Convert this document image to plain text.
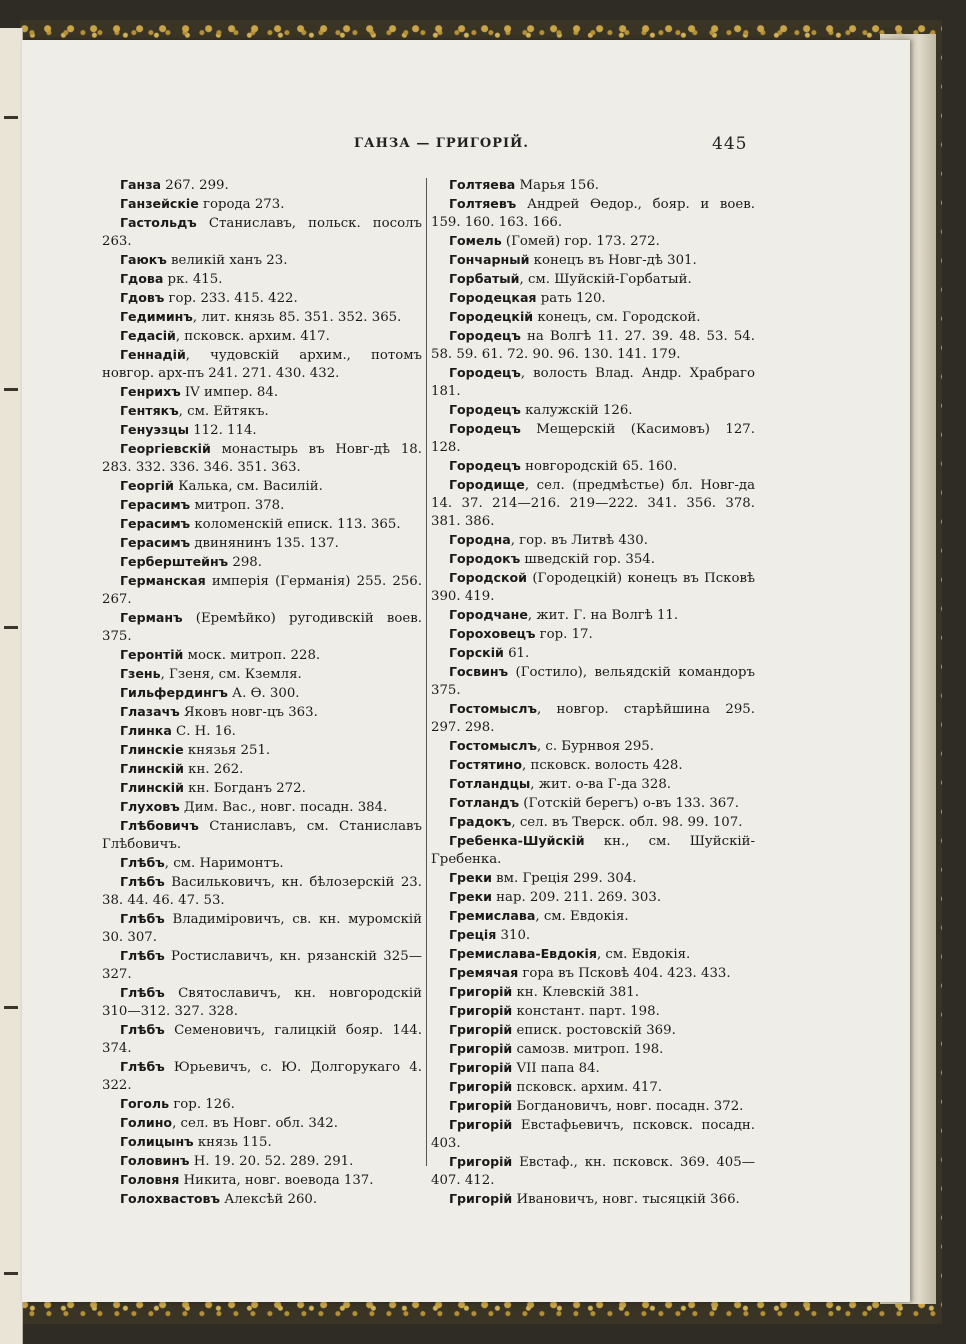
ГАНЗА — ГРИГОРІЙ.	445

Ганза 267. 299.

Ганзейскіе города 273.

Гастольдъ Станиславъ, польск. посолъ 263.

Гаюкъ великій ханъ 23.

Гдова рк. 415.

Гдовъ гор. 233. 415. 422.

Гедиминъ, лит. князь 85. 351. 352. 365.

Гедасій, псковск. архим. 417.

Геннадій, чудовскій архим., потомъ новгор. арх-пъ 241. 271. 430. 432.

Генрихъ IV импер. 84.

Гентякъ, см. Ейтякъ.

Генуэзцы 112. 114.

Георгіевскій монастырь въ Новг-дѣ 18. 283. 332. 336. 346. 351. 363.

Георгій Калька, см. Василій.

Герасимъ митроп. 378.

Герасимъ коломенскій еписк. 113. 365.

Герасимъ двинянинъ 135. 137.

Герберштейнъ 298.

Германская имперія (Германія) 255. 256. 267.

Германъ (Еремѣйко) ругодивскій воев. 375.

Геронтій моск. митроп. 228.

Гзень, Гзеня, см. Кземля.

Гильфердингъ А. Ѳ. 300.

Глазачъ Яковъ новг-цъ 363.

Глинка С. Н. 16.

Глинскіе князья 251.

Глинскій кн. 262.

Глинскій кн. Богданъ 272.

Глуховъ Дим. Вас., новг. посадн. 384.

Глѣбовичъ Станиславъ, см. Станиславъ Глѣбовичъ.

Глѣбъ, см. Наримонтъ.

Глѣбъ Васильковичъ, кн. бѣлозерскій 23. 38. 44. 46. 47. 53.

Глѣбъ Владиміровичъ, св. кн. муромскій 30. 307.

Глѣбъ Ростиславичъ, кн. рязанскій 325—327.

Глѣбъ Святославичъ, кн. новгородскій 310—312. 327. 328.

Глѣбъ Семеновичъ, галицкій бояр. 144. 374.

Глѣбъ Юрьевичъ, с. Ю. Долгорукаго 4. 322.

Гоголь гор. 126.

Голино, сел. въ Новг. обл. 342.

Голицынъ князь 115.

Головинъ Н. 19. 20. 52. 289. 291.

Головня Никита, новг. воевода 137.

Голохвастовъ Алексѣй 260.

Голтяева Марья 156.

Голтяевъ Андрей Ѳедор., бояр. и воев. 159. 160. 163. 166.

Гомель (Гомей) гор. 173. 272.

Гончарный конецъ въ Новг-дѣ 301.

Горбатый, см. Шуйскій-Горбатый.

Городецкая рать 120.

Городецкій конецъ, см. Городской.

Городецъ на Волгѣ 11. 27. 39. 48. 53. 54. 58. 59. 61. 72. 90. 96. 130. 141. 179.

Городецъ, волость Влад. Андр. Храбраго 181.

Городецъ калужскій 126.

Городецъ Мещерскій (Касимовъ) 127. 128.

Городецъ новгородскій 65. 160.

Городище, сел. (предмѣстье) бл. Новг-да 14. 37. 214—216. 219—222. 341. 356. 378. 381. 386.

Городна, гор. въ Литвѣ 430.

Городокъ шведскій гор. 354.

Городской (Городецкій) конецъ въ Псковѣ 390. 419.

Городчане, жит. Г. на Волгѣ 11.

Гороховецъ гор. 17.

Горскій 61.

Госвинъ (Гостило), вельядскій командоръ 375.

Гостомыслъ, новгор. старѣйшина 295. 297. 298.

Гостомыслъ, с. Бурнвоя 295.

Гостятино, псковск. волость 428.

Готландцы, жит. о-ва Г-да 328.

Готландъ (Готскій берегъ) о-въ 133. 367.

Градокъ, сел. въ Тверск. обл. 98. 99. 107.

Гребенка-Шуйскій кн., см. Шуйскій-Гребенка.

Греки вм. Грецiя 299. 304.

Греки нар. 209. 211. 269. 303.

Гремислава, см. Евдокія.

Грецiя 310.

Гремислава-Евдокія, см. Евдокія.

Гремячая гора въ Псковѣ 404. 423. 433.

Григорій кн. Клевскій 381.

Григорій констант. парт. 198.

Григорій еписк. ростовскій 369.

Григорій самозв. митроп. 198.

Григорій VII папа 84.

Григорій псковск. архим. 417.

Григорій Богдановичъ, новг. посадн. 372.

Григорій Евстафьевичъ, псковск. посадн. 403.

Григорій Евстаф., кн. псковск. 369. 405—407. 412.

Григорій Ивановичъ, новг. тысяцкій 366.
